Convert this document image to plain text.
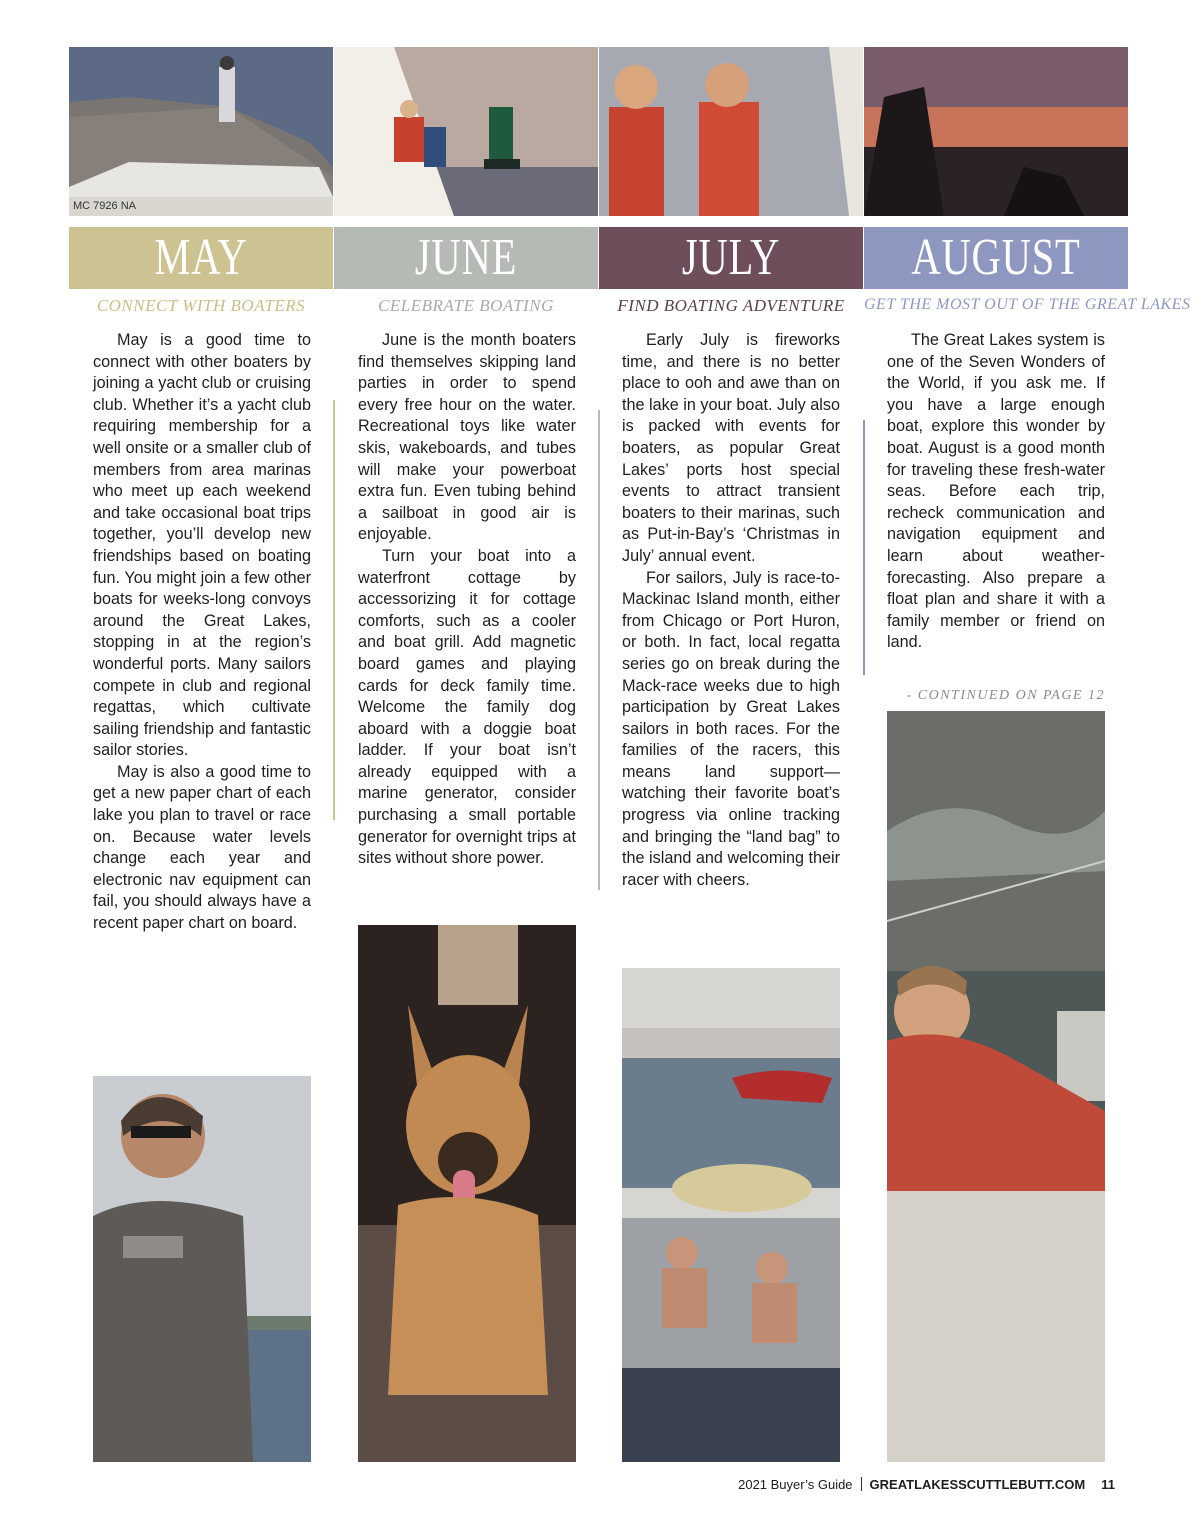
MC 7926 NA
MAY	JUNE	JULY	AUGUST
CONNECT WITH BOATERS	CELEBRATE BOATING	FIND BOATING ADVENTURE	GET THE MOST OUT OF THE GREAT LAKES

May is a good time to connect with other boaters by joining a yacht club or cruising club. Whether it’s a yacht club requiring membership for a well onsite or a smaller club of members from area marinas who meet up each weekend and take occasional boat trips together, you’ll develop new friendships based on boating fun. You might join a few other boats for weeks-long convoys around the Great Lakes, stopping in at the region’s wonderful ports. Many sailors compete in club and regional regattas, which cultivate sailing friendship and fantastic sailor stories.

May is also a good time to get a new paper chart of each lake you plan to travel or race on. Because water levels change each year and electronic nav equipment can fail, you should always have a recent paper chart on board.

June is the month boaters find themselves skipping land parties in order to spend every free hour on the water. Recreational toys like water skis, wakeboards, and tubes will make your powerboat extra fun. Even tubing behind a sailboat in good air is enjoyable.

Turn your boat into a waterfront cottage by accessorizing it for cottage comforts, such as a cooler and boat grill. Add magnetic board games and playing cards for deck family time. Welcome the family dog aboard with a doggie boat ladder. If your boat isn’t already equipped with a marine generator, consider purchasing a small portable generator for overnight trips at sites without shore power.

Early July is fireworks time, and there is no better place to ooh and awe than on the lake in your boat. July also is packed with events for boaters, as popular Great Lakes’ ports host special events to attract transient boaters to their marinas, such as Put-in-Bay’s ‘Christmas in July’ annual event.

For sailors, July is race-to-Mackinac Island month, either from Chicago or Port Huron, or both. In fact, local regatta series go on break during the Mack-race weeks due to high participation by Great Lakes sailors in both races. For the families of the racers, this means land support—watching their favorite boat’s progress via online tracking and bringing the “land bag” to the island and welcoming their racer with cheers.

The Great Lakes system is one of the Seven Wonders of the World, if you ask me. If you have a large enough boat, explore this wonder by boat. August is a good month for traveling these fresh-water seas. Before each trip, recheck communication and navigation equipment and learn about weather-forecasting. Also prepare a float plan and share it with a family member or friend on land.

- CONTINUED ON PAGE 12
2021 Buyer’s Guide GREATLAKESSCUTTLEBUTT.COM 11
